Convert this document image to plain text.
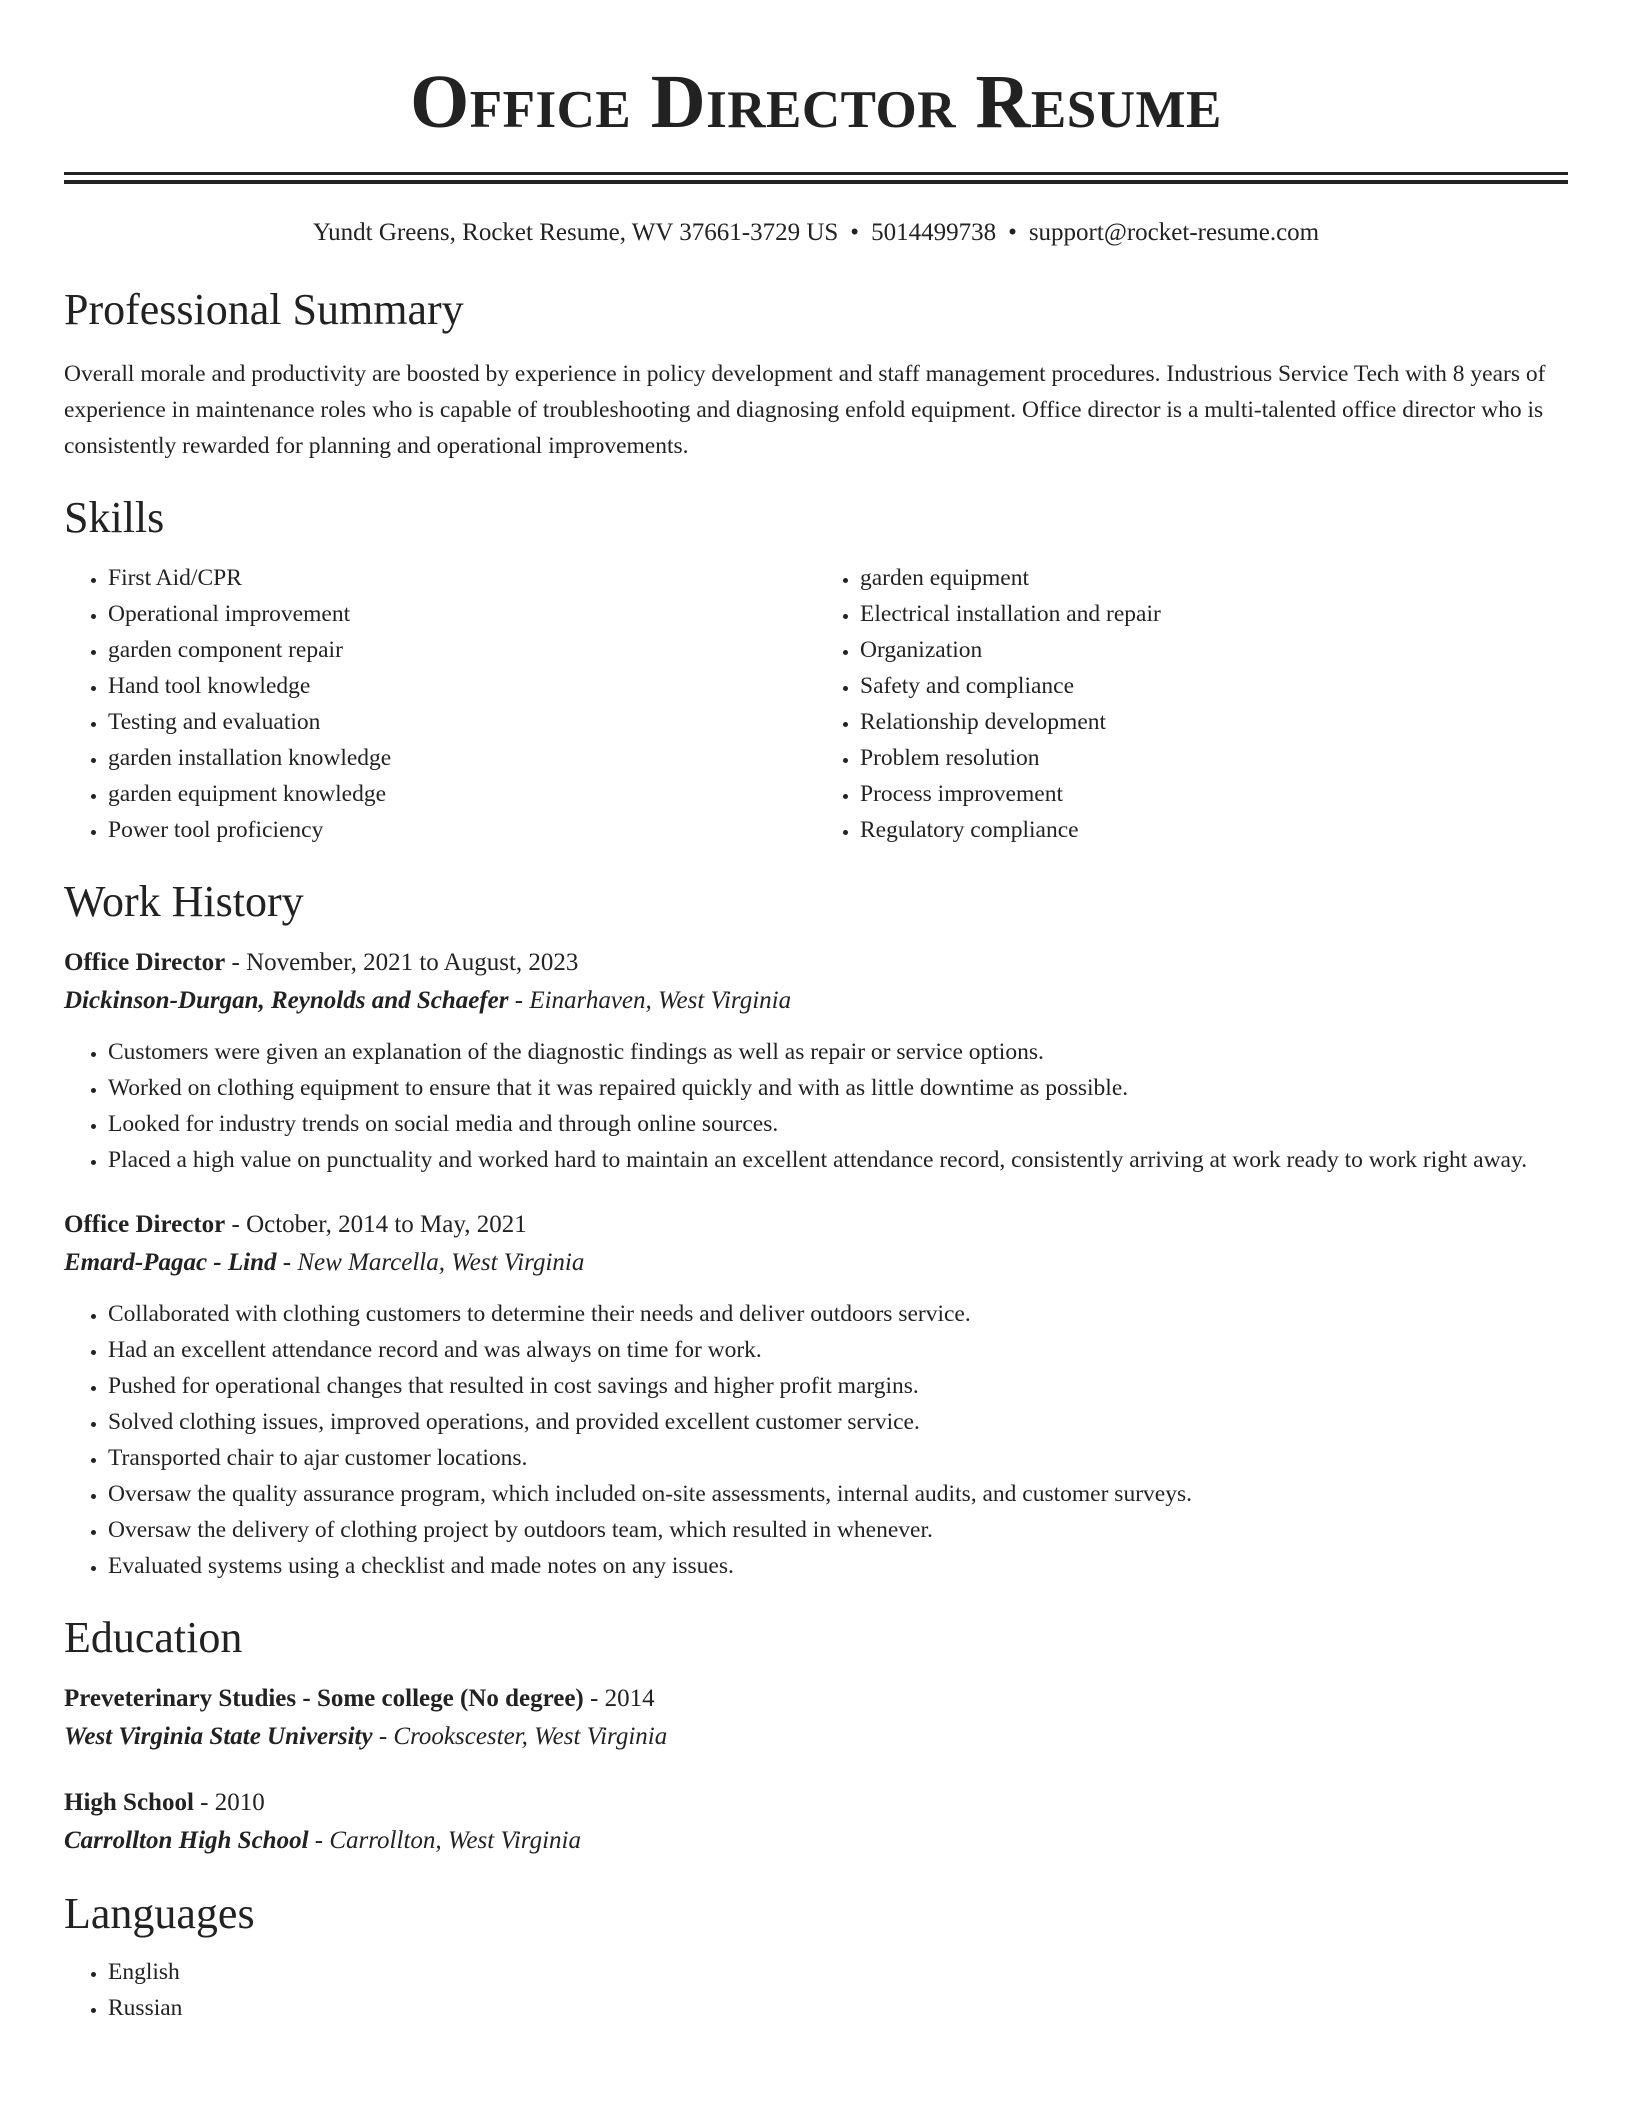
Office Director Resume
Yundt Greens, Rocket Resume, WV 37661-3729 US • 5014499738 • support@rocket-resume.com
Professional Summary

Overall morale and productivity are boosted by experience in policy development and staff management procedures. Industrious Service Tech with 8 years of experience in maintenance roles who is capable of troubleshooting and diagnosing enfold equipment. Office director is a multi-talented office director who is consistently rewarded for planning and operational improvements.

Skills
• First Aid/CPR
• Operational improvement
• garden component repair
• Hand tool knowledge
• Testing and evaluation
• garden installation knowledge
• garden equipment knowledge
• Power tool proficiency
• garden equipment
• Electrical installation and repair
• Organization
• Safety and compliance
• Relationship development
• Problem resolution
• Process improvement
• Regulatory compliance
Work History

Office Director - November, 2021 to August, 2023

Dickinson-Durgan, Reynolds and Schaefer - Einarhaven, West Virginia

• Customers were given an explanation of the diagnostic findings as well as repair or service options.
• Worked on clothing equipment to ensure that it was repaired quickly and with as little downtime as possible.
• Looked for industry trends on social media and through online sources.
• Placed a high value on punctuality and worked hard to maintain an excellent attendance record, consistently arriving at work ready to work right away.

Office Director - October, 2014 to May, 2021

Emard-Pagac - Lind - New Marcella, West Virginia

• Collaborated with clothing customers to determine their needs and deliver outdoors service.
• Had an excellent attendance record and was always on time for work.
• Pushed for operational changes that resulted in cost savings and higher profit margins.
• Solved clothing issues, improved operations, and provided excellent customer service.
• Transported chair to ajar customer locations.
• Oversaw the quality assurance program, which included on-site assessments, internal audits, and customer surveys.
• Oversaw the delivery of clothing project by outdoors team, which resulted in whenever.
• Evaluated systems using a checklist and made notes on any issues.
Education

Preveterinary Studies - Some college (No degree) - 2014

West Virginia State University - Crookscester, West Virginia

High School - 2010

Carrollton High School - Carrollton, West Virginia

Languages
• English
• Russian
